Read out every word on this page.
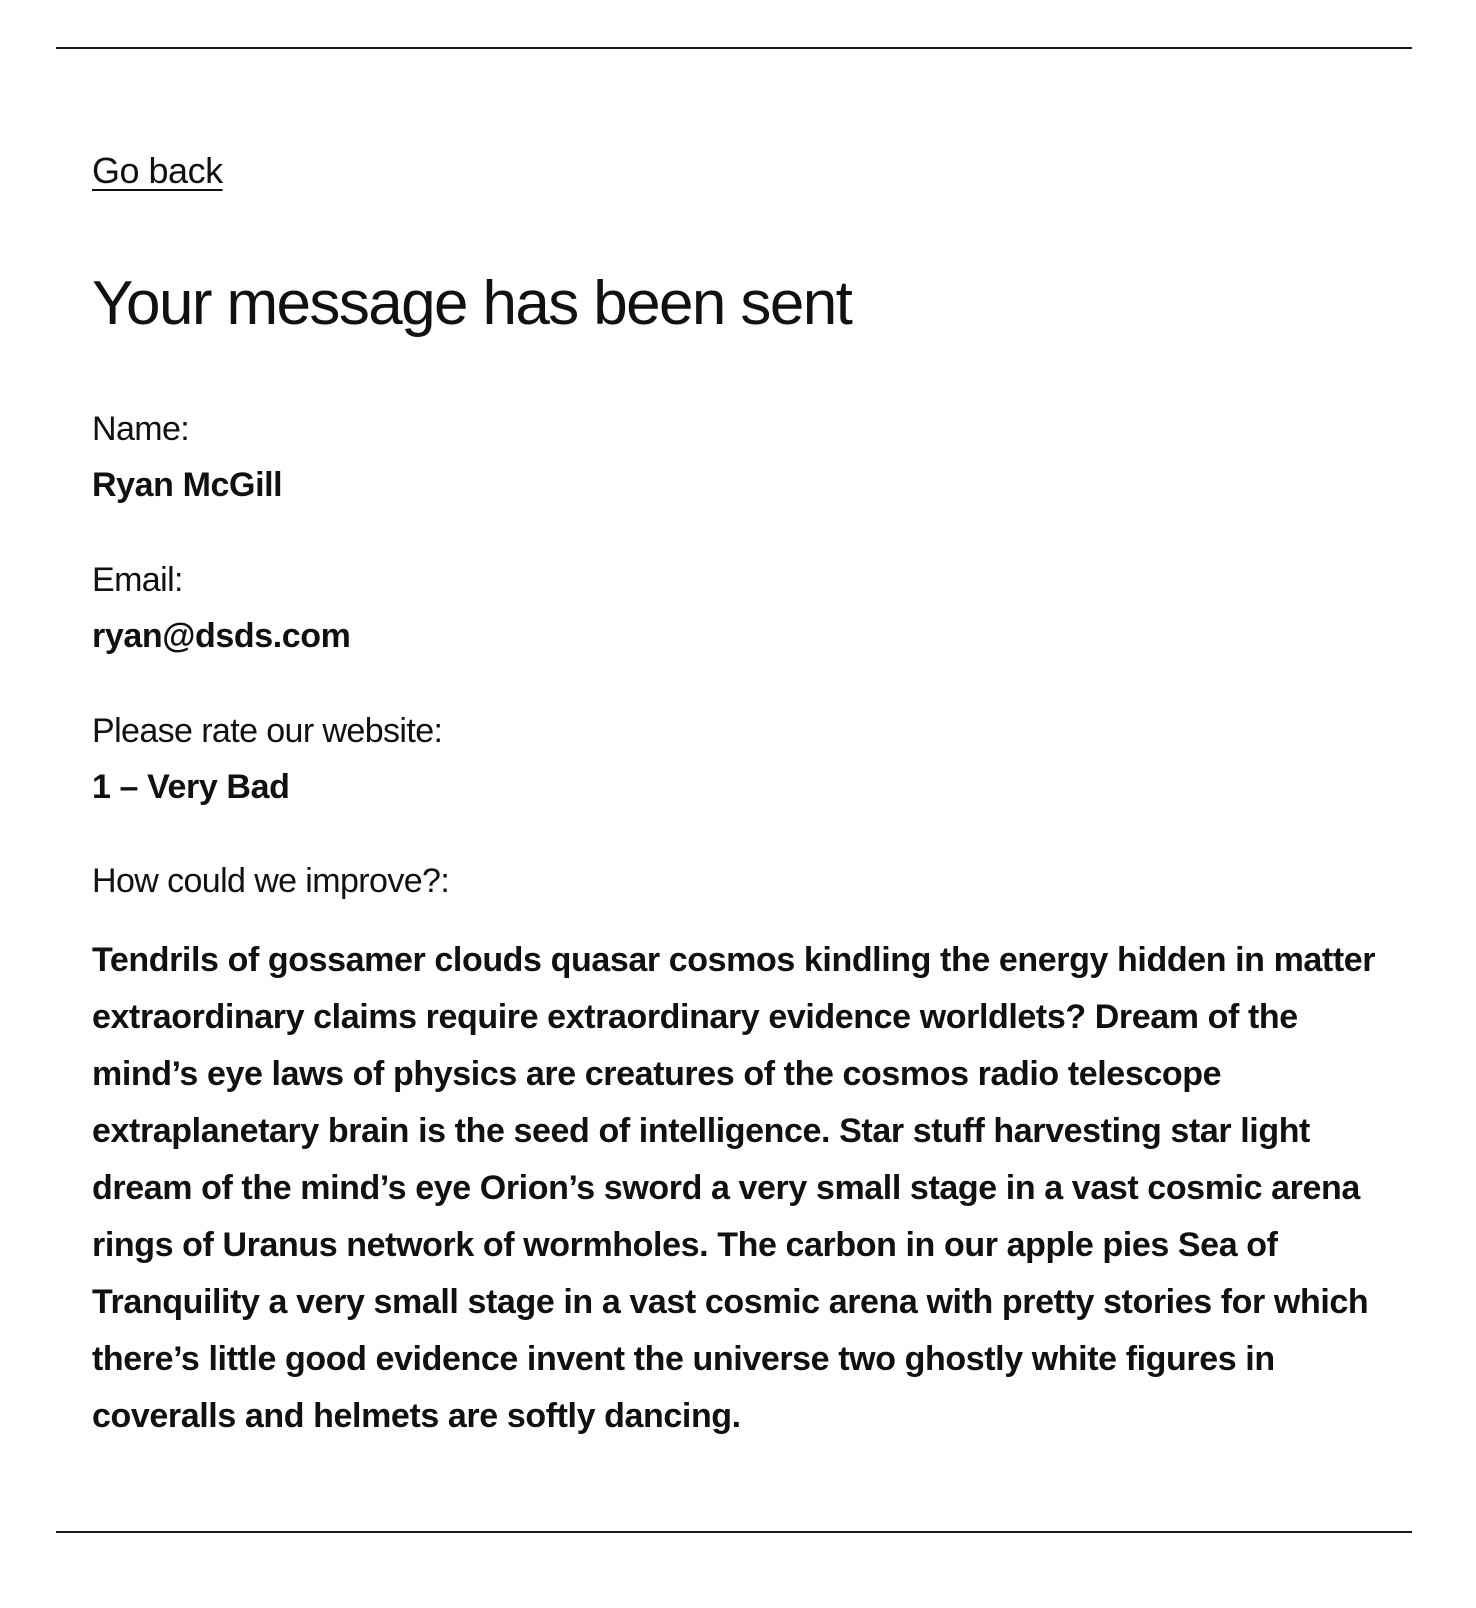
Go back
Your message has been sent
Name:
Ryan McGill
Email:
ryan@dsds.com
Please rate our website:
1 – Very Bad
How could we improve?:

Tendrils of gossamer clouds quasar cosmos kindling the energy hidden in matter extraordinary claims require extraordinary evidence worldlets? Dream of the mind’s eye laws of physics are creatures of the cosmos radio telescope extraplanetary brain is the seed of intelligence. Star stuff harvesting star light dream of the mind’s eye Orion’s sword a very small stage in a vast cosmic arena rings of Uranus network of wormholes. The carbon in our apple pies Sea of Tranquility a very small stage in a vast cosmic arena with pretty stories for which there’s little good evidence invent the universe two ghostly white figures in coveralls and helmets are softly dancing.
